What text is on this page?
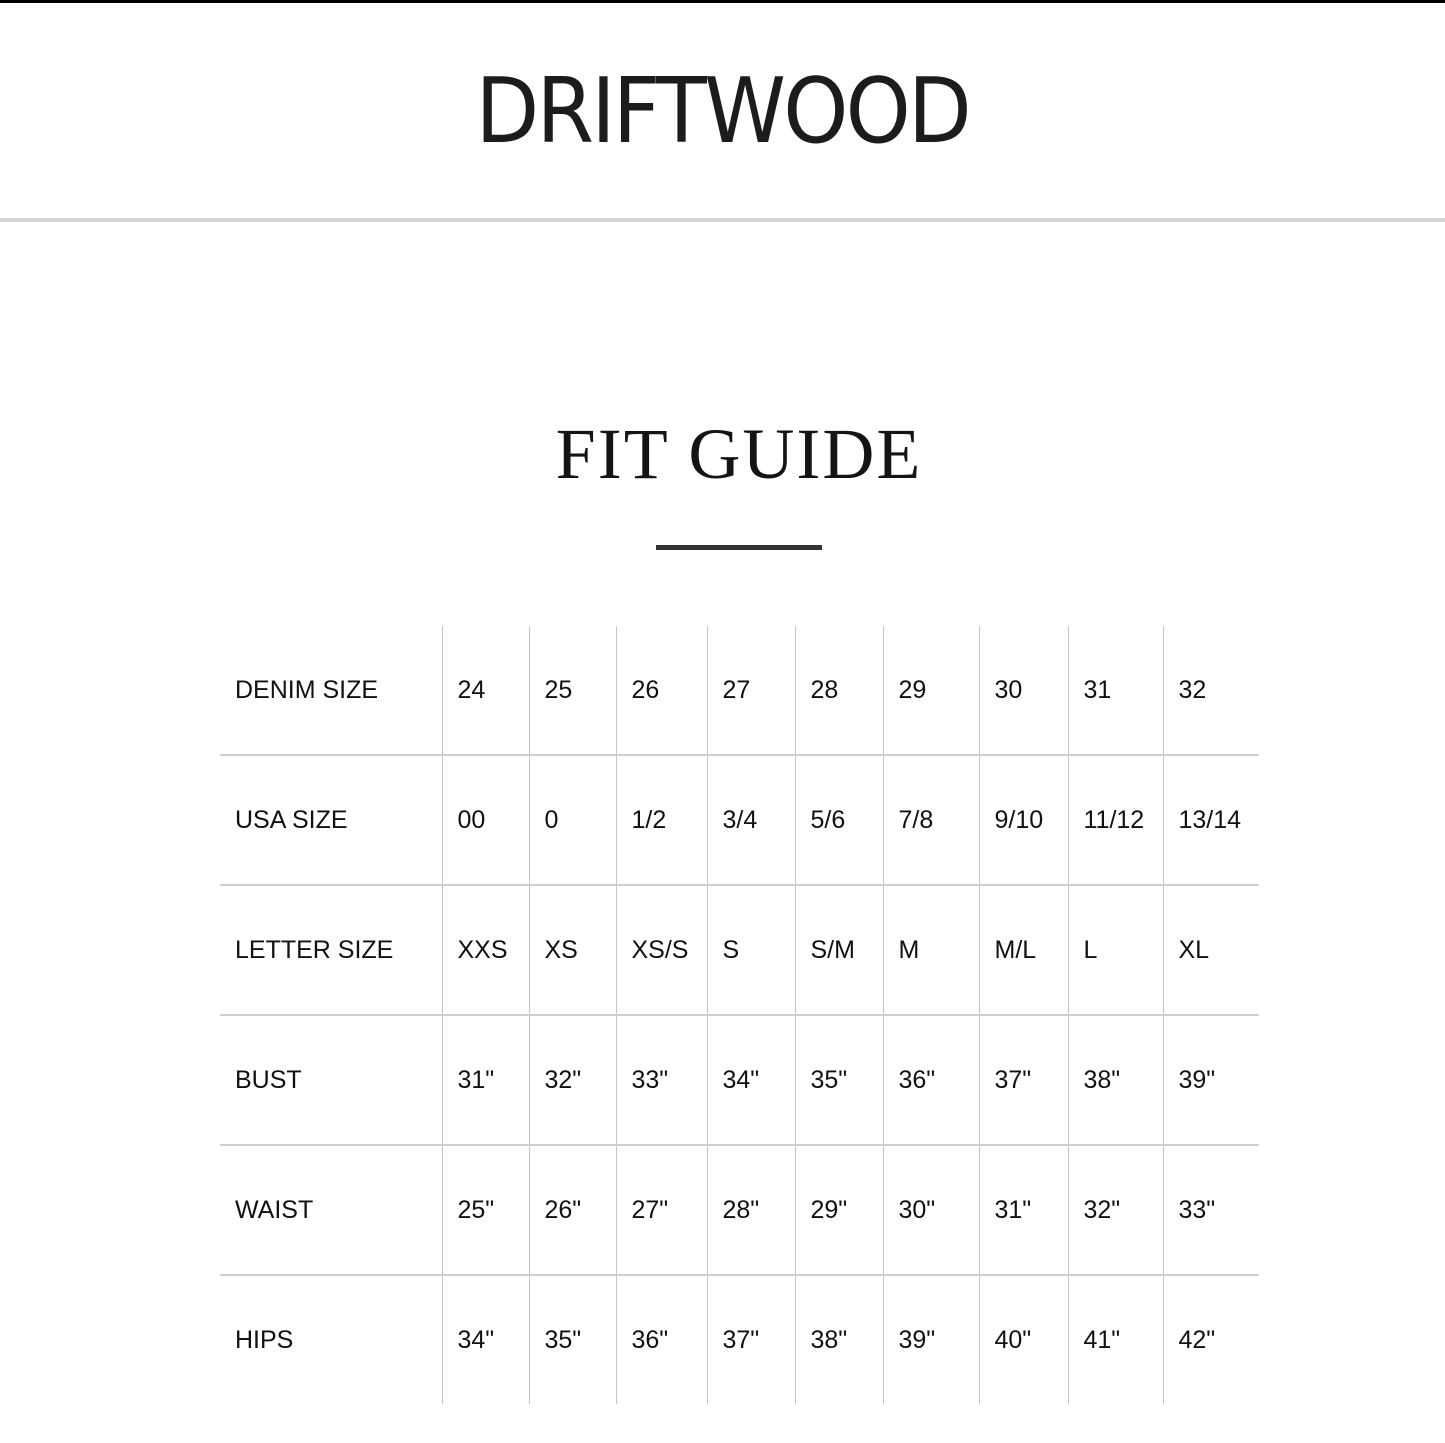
DRIFTWOOD
FIT GUIDE
DENIM SIZE	24	25	26	27	28	29	30	31	32
USA SIZE	00	0	1/2	3/4	5/6	7/8	9/10	11/12	13/14
LETTER SIZE	XXS	XS	XS/S	S	S/M	M	M/L	L	XL
BUST	31"	32"	33"	34"	35"	36"	37"	38"	39"
WAIST	25"	26"	27"	28"	29"	30"	31"	32"	33"
HIPS	34"	35"	36"	37"	38"	39"	40"	41"	42"
